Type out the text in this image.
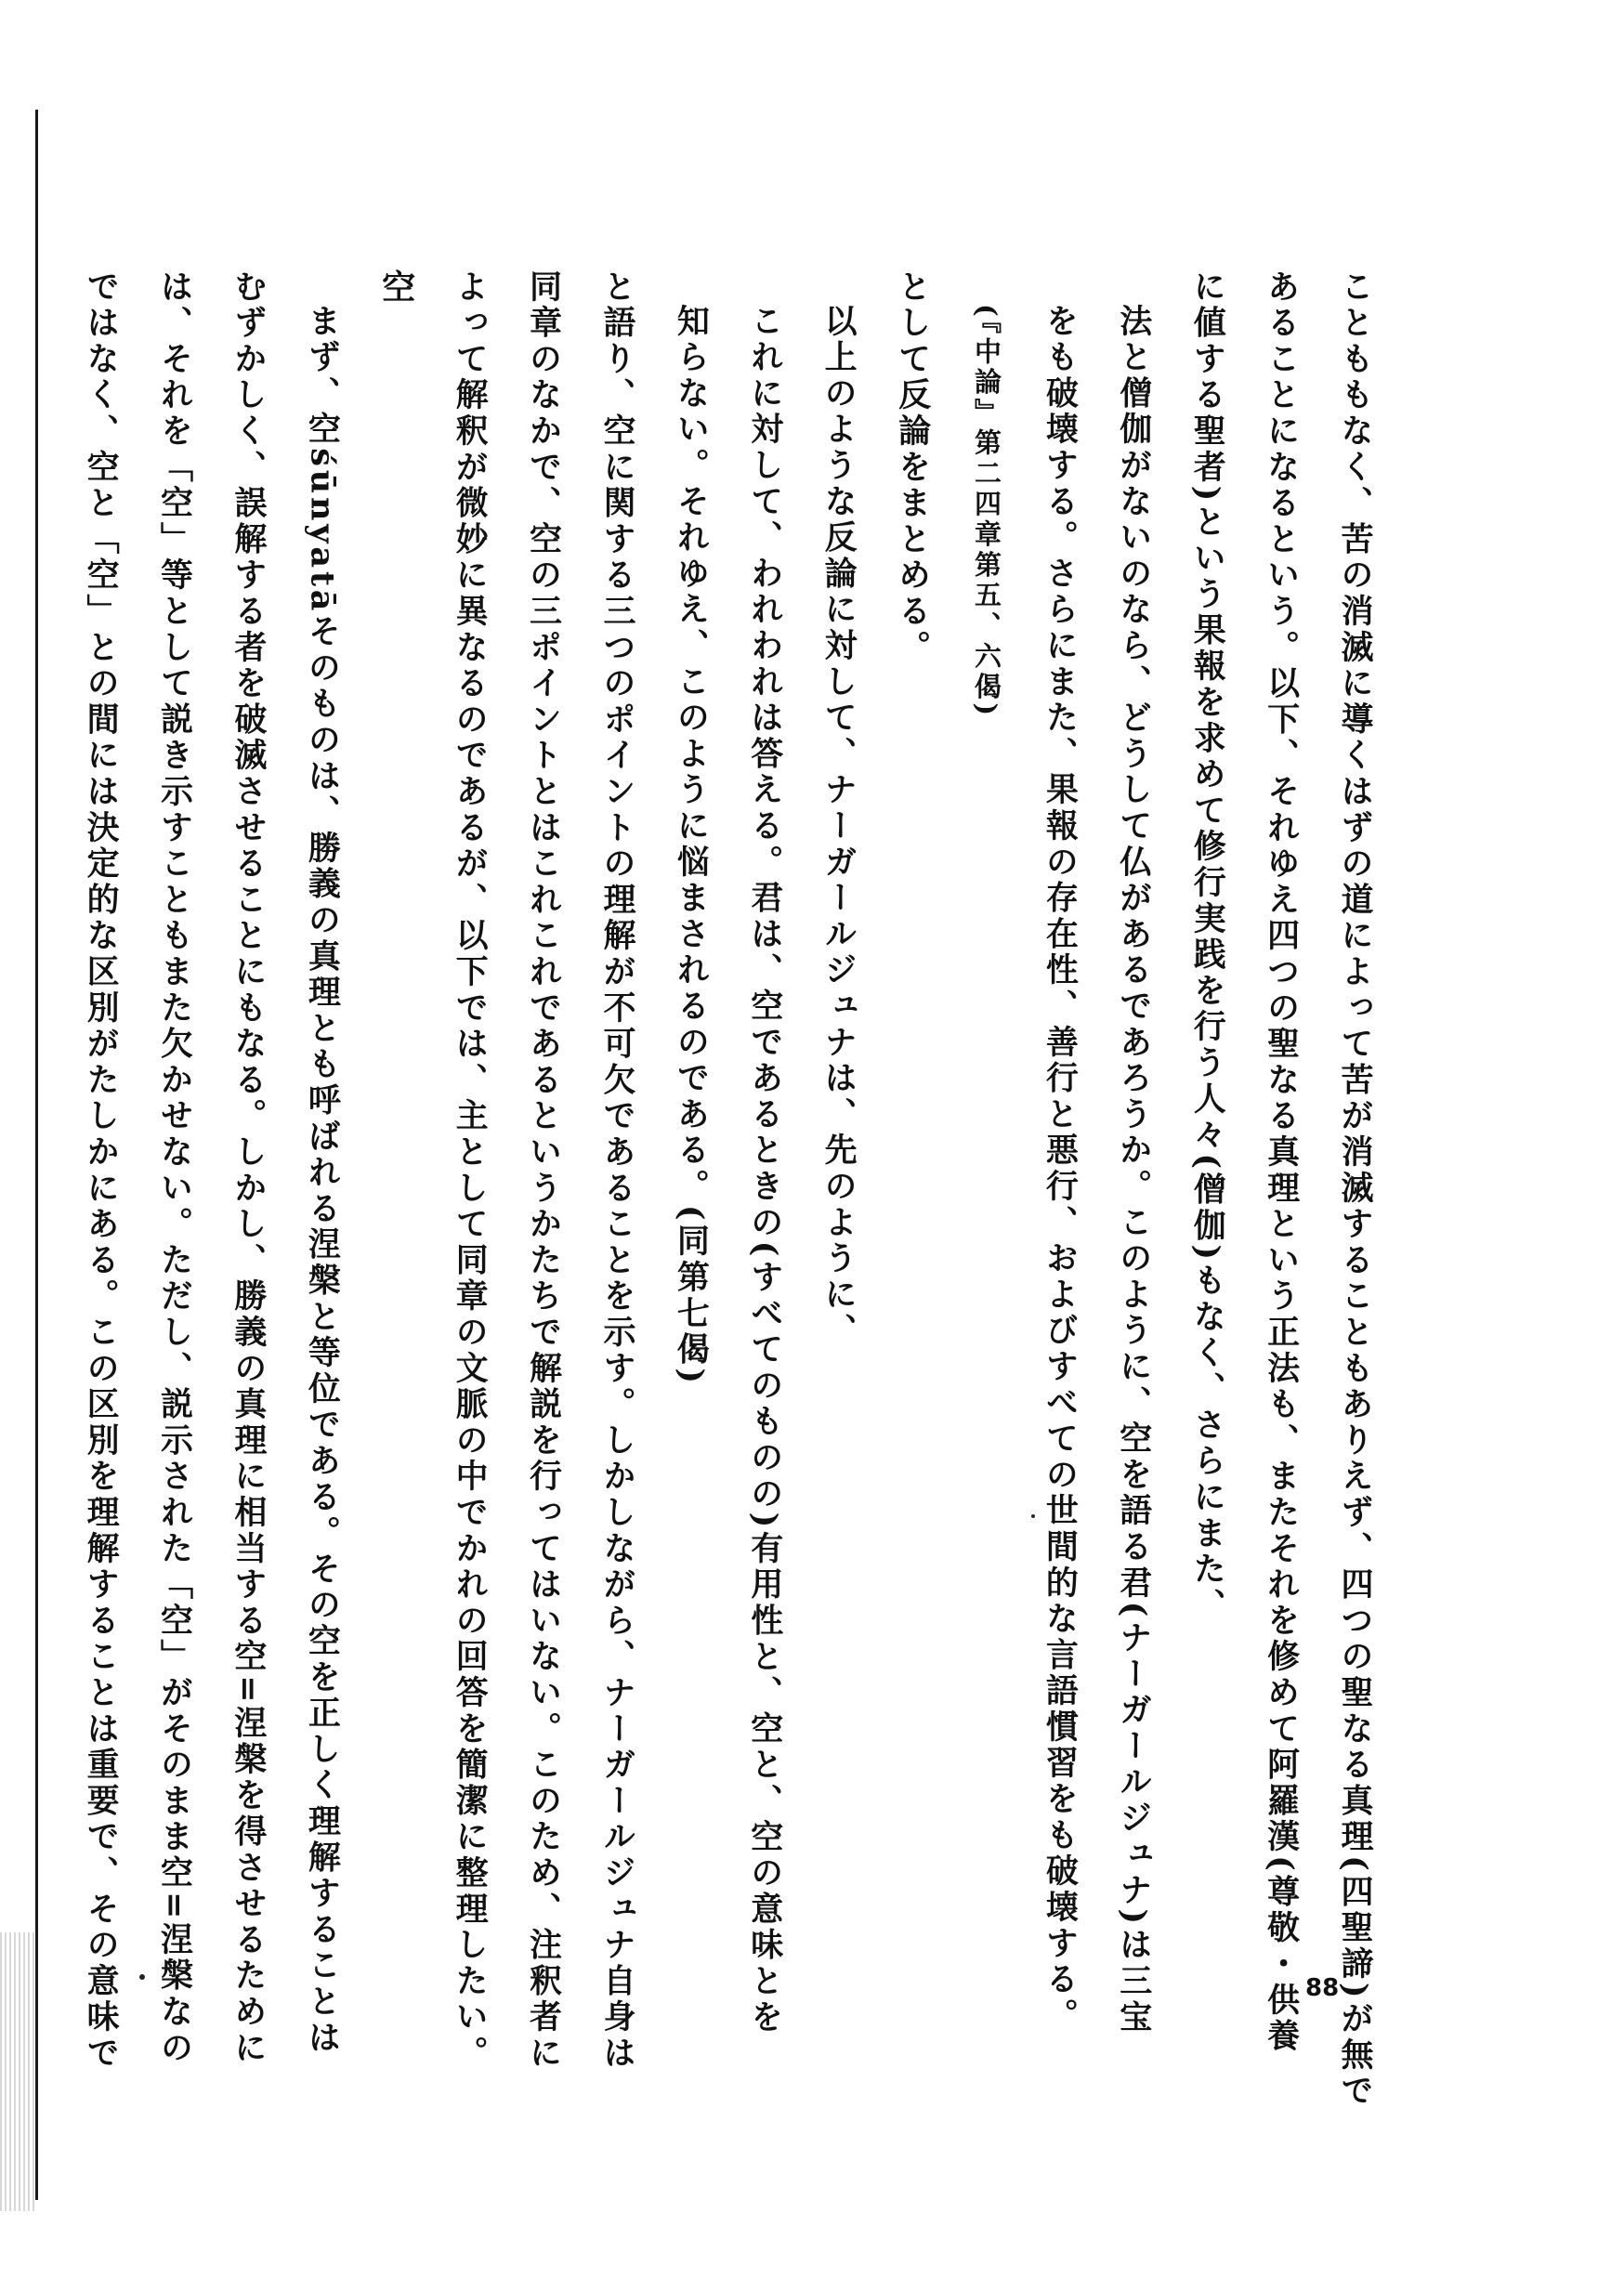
ことももなく、苦の消滅に導くはずの道によって苦が消滅することもありえず、四つの聖なる真理(四聖諦)が無で
あることになるという。以下、それゆえ四つの聖なる真理という正法も、またそれを修めて阿羅漢(尊敬・供養
に値する聖者)という果報を求めて修行実践を行う人々(僧伽)もなく、さらにまた、
法と僧伽がないのなら、どうして仏があるであろうか。このように、空を語る君(ナーガールジュナ)は三宝
をも破壊する。さらにまた、果報の存在性、善行と悪行、およびすべての世間的な言語慣習をも破壊する。
(『中論』第二四章第五、六偈)
として反論をまとめる。
以上のような反論に対して、ナーガールジュナは、先のように、
これに対して、われわれは答える。君は、空であるときの(すべてのものの)有用性と、空と、空の意味とを
知らない。それゆえ、このように悩まされるのである。(同第七偈)
と語り、空に関する三つのポイントの理解が不可欠であることを示す。しかしながら、ナーガールジュナ自身は
同章のなかで、空の三ポイントとはこれこれであるというかたちで解説を行ってはいない。このため、注釈者に
よって解釈が微妙に異なるのであるが、以下では、主として同章の文脈の中でかれの回答を簡潔に整理したい。
空
まず、空śūnyatāそのものは、勝義の真理とも呼ばれる涅槃と等位である。その空を正しく理解することは
むずかしく、誤解する者を破滅させることにもなる。しかし、勝義の真理に相当する空=涅槃を得させるために
は、それを「空」等として説き示すこともまた欠かせない。ただし、説示された「空」がそのまま空=涅槃なの
ではなく、空と「空」との間には決定的な区別がたしかにある。この区別を理解することは重要で、その意味で	88
